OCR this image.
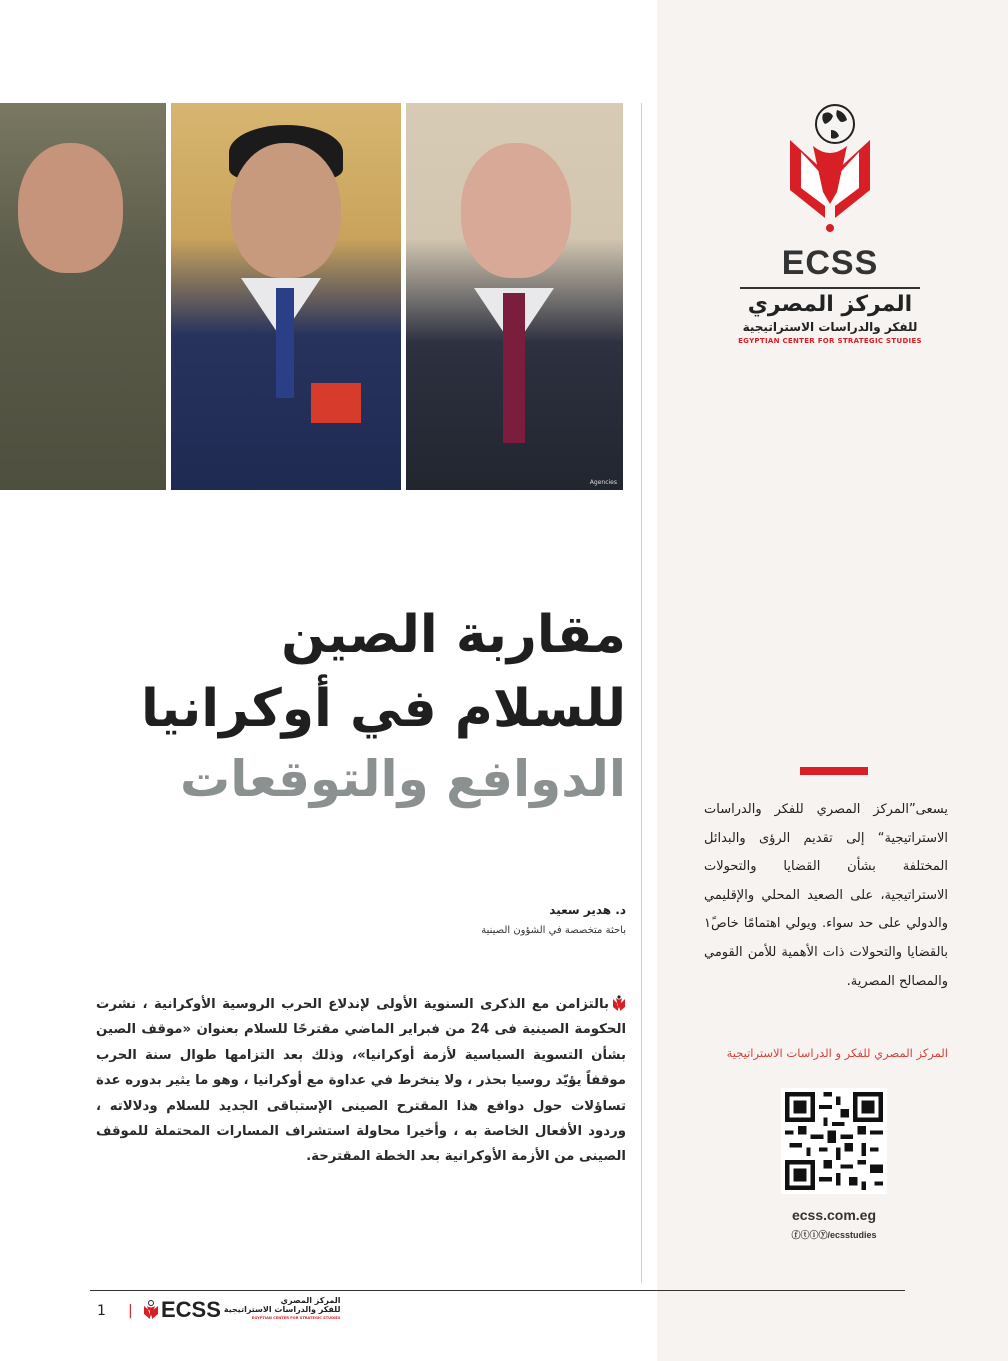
ECSS
المركز المصري
للفكر والدراسات الاستراتيجية
EGYPTIAN CENTER FOR STRATEGIC STUDIES
Agencies
مقاربة الصين
للسلام في أوكرانيا
الدوافع والتوقعات
د. هدير سعيد
باحثة متخصصة في الشؤون الصينية
بالتزامن مع الذكرى السنوية الأولى لإندلاع الحرب الروسية الأوكرانية ، نشرت الحكومة الصينية فى 24 من فبراير الماضي مقترحًا للسلام بعنوان «موقف الصين بشأن التسوية السياسية لأزمة أوكرانيا»، وذلك بعد التزامها طوال سنة الحرب موقفاً يؤيّد روسيا بحذر ، ولا ينخرط في عداوة مع أوكرانيا ، وهو ما يثير بدوره عدة تساؤلات حول دوافع هذا المقترح الصينى الإستباقى الجديد للسلام ودلالاته ، وردود الأفعال الخاصة به ، وأخيرا محاولة استشراف المسارات المحتملة للموقف الصينى من الأزمة الأوكرانية بعد الخطة المقترحة.
يسعى”المركز المصري للفكر والدراسات الاستراتيجية“ إلى تقديم الرؤى والبدائل المختلفة بشأن القضايا والتحولات الاستراتيجية، على الصعيد المحلي والإقليمي والدولي على حد سواء. ويولي اهتمامًا خاص١ً بالقضايا والتحولات ذات الأهمية للأمن القومي والمصالح المصرية.
المركز المصري للفكر و الدراسات الاستراتيجية
ecss.com.eg
ⓕⓣⓘⓨ/ecsstudies
1 | ECSS	المركز المصري
للفكر والدراسات الاستراتيجية
EGYPTIAN CENTER FOR STRATEGIC STUDIES
